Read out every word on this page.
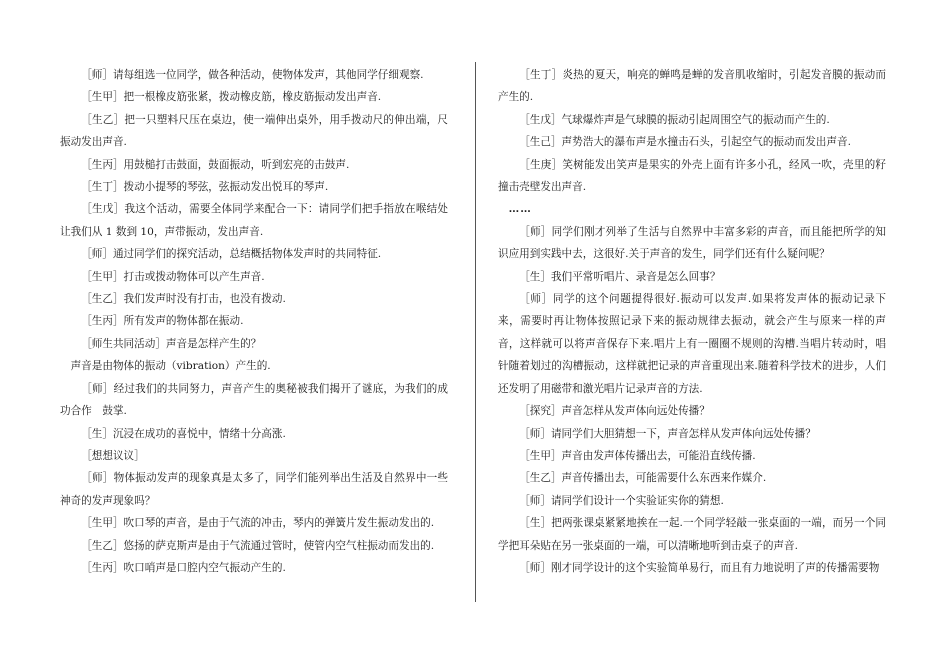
［师］请每组选一位同学，做各种活动，使物体发声，其他同学仔细观察.

［生甲］把一根橡皮筋张紧，拨动橡皮筋，橡皮筋振动发出声音.

［生乙］把一只塑料尺压在桌边，使一端伸出桌外，用手拨动尺的伸出端，尺振动发出声音.

［生丙］用鼓槌打击鼓面，鼓面振动，听到宏亮的击鼓声.

［生丁］拨动小提琴的琴弦，弦振动发出悦耳的琴声.

［生戊］我这个活动，需要全体同学来配合一下：请同学们把手指放在喉结处让我们从 1 数到 10，声带振动，发出声音.

［师］通过同学们的探究活动，总结概括物体发声时的共同特征.

［生甲］打击或拨动物体可以产生声音.

［生乙］我们发声时没有打击，也没有拨动.

［生丙］所有发声的物体都在振动.

［师生共同活动］声音是怎样产生的？

声音是由物体的振动（vibration）产生的.

［师］经过我们的共同努力，声音产生的奥秘被我们揭开了谜底，为我们的成功合作　鼓掌.

［生］沉浸在成功的喜悦中，情绪十分高涨.

［想想议议］

［师］物体振动发声的现象真是太多了，同学们能列举出生活及自然界中一些神奇的发声现象吗？

［生甲］吹口琴的声音，是由于气流的冲击，琴内的弹簧片发生振动发出的.

［生乙］悠扬的萨克斯声是由于气流通过管时，使管内空气柱振动而发出的.

［生丙］吹口哨声是口腔内空气振动产生的.

［生丁］炎热的夏天，响亮的蝉鸣是蝉的发音肌收缩时，引起发音膜的振动而产生的.

［生戊］气球爆炸声是气球膜的振动引起周围空气的振动而产生的.

［生己］声势浩大的瀑布声是水撞击石头，引起空气的振动而发出声音.

［生庚］笑树能发出笑声是果实的外壳上面有许多小孔，经风一吹，壳里的籽撞击壳壁发出声音.

……

［师］同学们刚才列举了生活与自然界中丰富多彩的声音，而且能把所学的知识应用到实践中去，这很好.关于声音的发生，同学们还有什么疑问呢？

［生］我们平常听唱片、录音是怎么回事？

［师］同学的这个问题提得很好.振动可以发声.如果将发声体的振动记录下来，需要时再让物体按照记录下来的振动规律去振动，就会产生与原来一样的声音，这样就可以将声音保存下来.唱片上有一圈圈不规则的沟槽.当唱片转动时，唱针随着划过的沟槽振动，这样就把记录的声音重现出来.随着科学技术的进步，人们还发明了用磁带和激光唱片记录声音的方法.

［探究］声音怎样从发声体向远处传播？

［师］请同学们大胆猜想一下，声音怎样从发声体向远处传播？

［生甲］声音由发声体传播出去，可能沿直线传播.

［生乙］声音传播出去，可能需要什么东西来作媒介.

［师］请同学们设计一个实验证实你的猜想.

［生］把两张课桌紧紧地挨在一起.一个同学轻敲一张桌面的一端，而另一个同学把耳朵贴在另一张桌面的一端，可以清晰地听到击桌子的声音.

［师］刚才同学设计的这个实验简单易行，而且有力地说明了声的传播需要物
